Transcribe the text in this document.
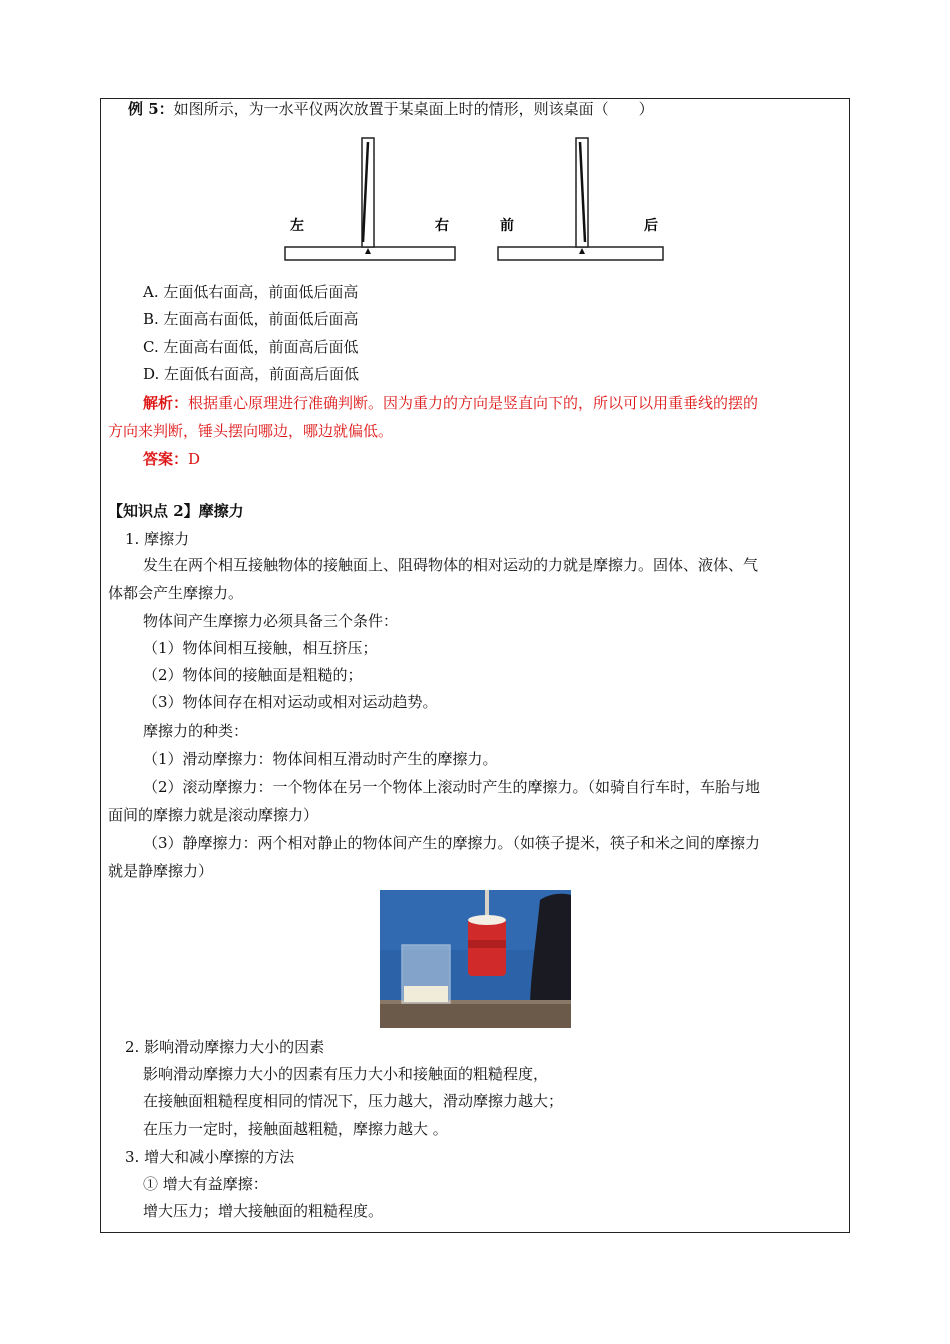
例 5：如图所示，为一水平仪两次放置于某桌面上时的情形，则该桌面（　　）
左	右	前	后
A. 左面低右面高，前面低后面高
B. 左面高右面低，前面低后面高
C. 左面高右面低，前面高后面低
D. 左面低右面高，前面高后面低
解析：根据重心原理进行准确判断。因为重力的方向是竖直向下的，所以可以用重垂线的摆的
方向来判断，锤头摆向哪边，哪边就偏低。
答案：D
【知识点 2】摩擦力
1. 摩擦力
发生在两个相互接触物体的接触面上、阻碍物体的相对运动的力就是摩擦力。固体、液体、气
体都会产生摩擦力。
物体间产生摩擦力必须具备三个条件：
（1）物体间相互接触，相互挤压；
（2）物体间的接触面是粗糙的；
（3）物体间存在相对运动或相对运动趋势。
摩擦力的种类：
（1）滑动摩擦力：物体间相互滑动时产生的摩擦力。
（2）滚动摩擦力：一个物体在另一个物体上滚动时产生的摩擦力。（如骑自行车时，车胎与地
面间的摩擦力就是滚动摩擦力）
（3）静摩擦力：两个相对静止的物体间产生的摩擦力。（如筷子提米，筷子和米之间的摩擦力
就是静摩擦力）
2. 影响滑动摩擦力大小的因素
影响滑动摩擦力大小的因素有压力大小和接触面的粗糙程度，
在接触面粗糙程度相同的情况下，压力越大，滑动摩擦力越大；
在压力一定时，接触面越粗糙，摩擦力越大 。
3. 增大和减小摩擦的方法
① 增大有益摩擦：
增大压力；增大接触面的粗糙程度。
